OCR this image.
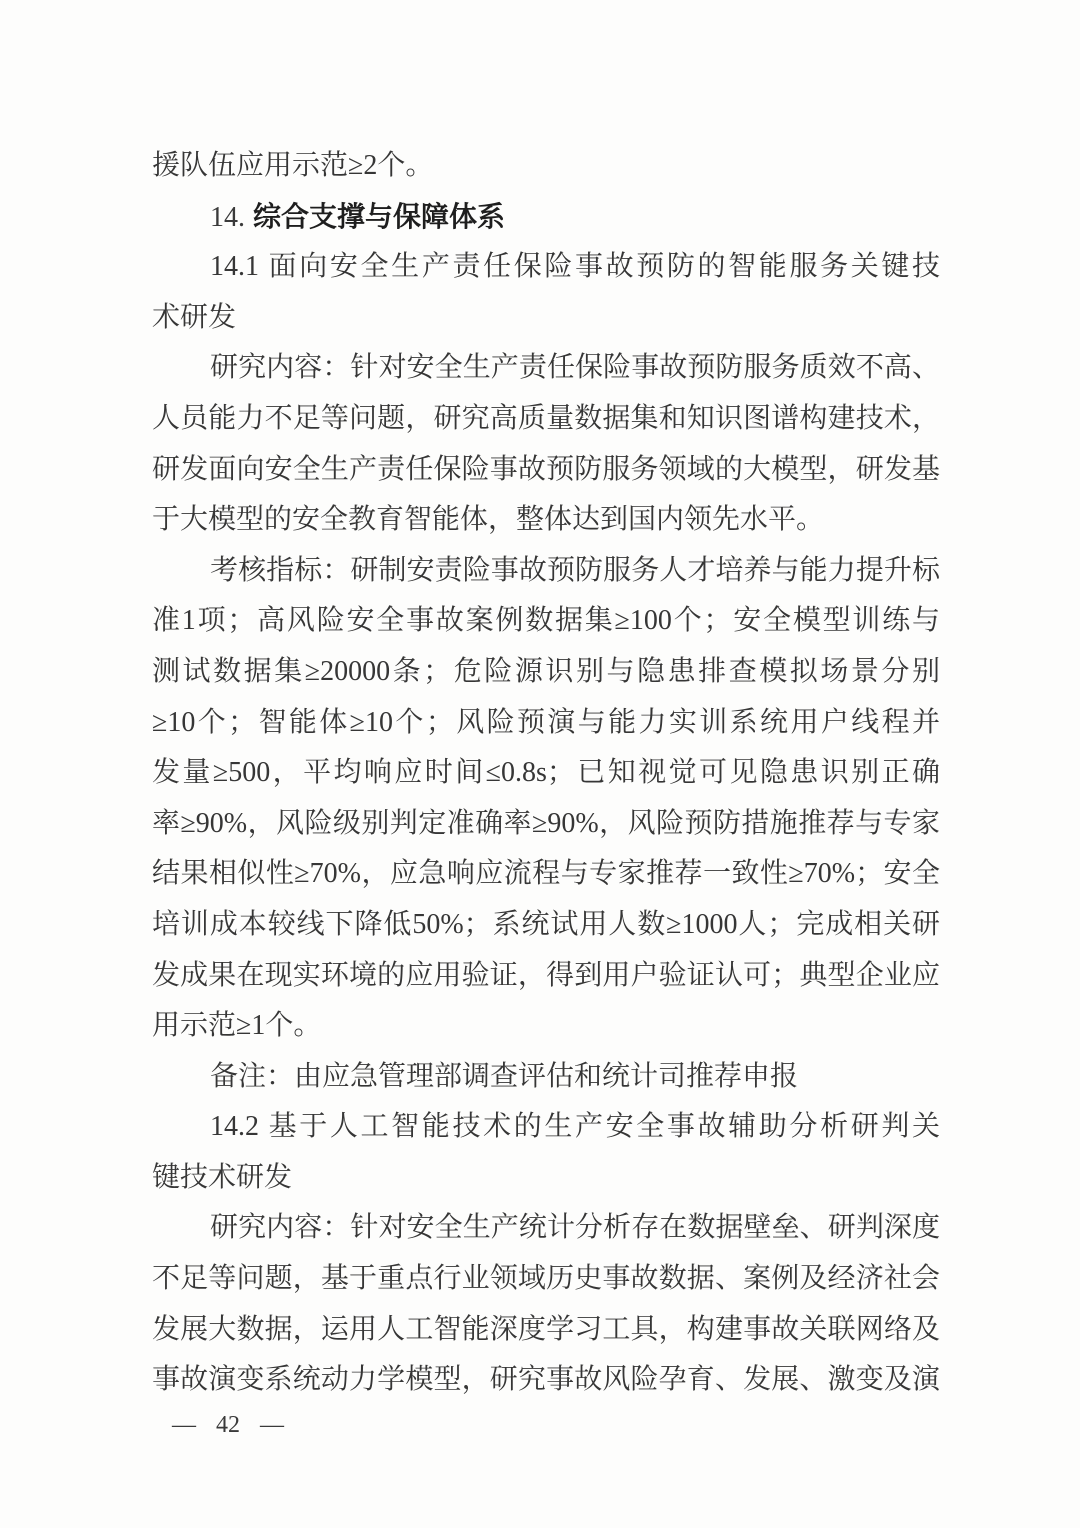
援队伍应用示范≥2个。
14. 综合支撑与保障体系
14.1 面向安全生产责任保险事故预防的智能服务关键技
术研发
研究内容：针对安全生产责任保险事故预防服务质效不高、
人员能力不足等问题，研究高质量数据集和知识图谱构建技术，
研发面向安全生产责任保险事故预防服务领域的大模型，研发基
于大模型的安全教育智能体，整体达到国内领先水平。
考核指标：研制安责险事故预防服务人才培养与能力提升标
准1项；高风险安全事故案例数据集≥100个；安全模型训练与
测试数据集≥20000条；危险源识别与隐患排查模拟场景分别
≥10个；智能体≥10个；风险预演与能力实训系统用户线程并
发量≥500，平均响应时间≤0.8s；已知视觉可见隐患识别正确
率≥90%，风险级别判定准确率≥90%，风险预防措施推荐与专家
结果相似性≥70%，应急响应流程与专家推荐一致性≥70%；安全
培训成本较线下降低50%；系统试用人数≥1000人；完成相关研
发成果在现实环境的应用验证，得到用户验证认可；典型企业应
用示范≥1个。
备注：由应急管理部调查评估和统计司推荐申报
14.2 基于人工智能技术的生产安全事故辅助分析研判关
键技术研发
研究内容：针对安全生产统计分析存在数据壁垒、研判深度
不足等问题，基于重点行业领域历史事故数据、案例及经济社会
发展大数据，运用人工智能深度学习工具，构建事故关联网络及
事故演变系统动力学模型，研究事故风险孕育、发展、激变及演
— 42 —
